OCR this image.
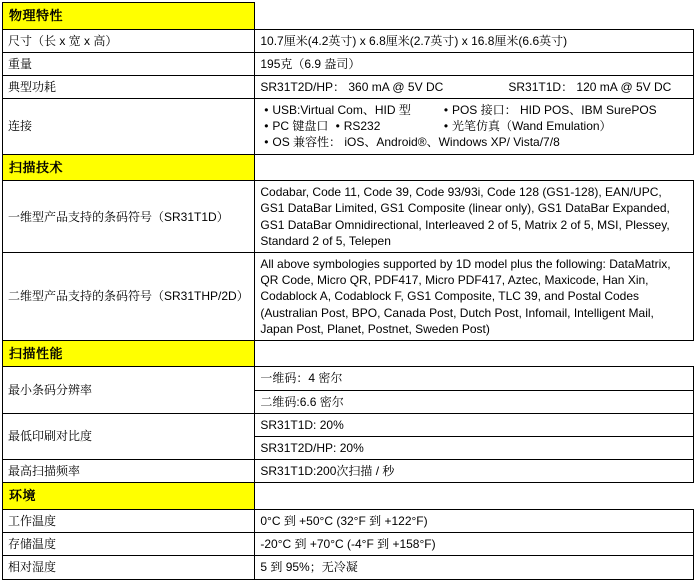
物理特性	
尺寸（长 x 宽 x 高）	10.7厘米(4.2英寸) x 6.8厘米(2.7英寸) x 16.8厘米(6.6英寸)
重量	195克（6.9 盎司）
典型功耗		SR31T2D/HP： 360 mA @ 5V DC	SR31T1D： 120 mA @ 5V DC

连接	
• USB:Virtual Com、HID 型	• POS 接口： HID POS、IBM SurePOS
• PC 键盘口 • RS232	• 光笔仿真（Wand Emulation）
• OS 兼容性： iOS、Android®、Windows XP/ Vista/7/8

扫描技术	
一维型产品支持的条码符号（SR31T1D）	Codabar, Code 11, Code 39, Code 93/93i, Code 128 (GS1-128), EAN/UPC, GS1 DataBar Limited, GS1 Composite (linear only), GS1 DataBar Expanded, GS1 DataBar Omnidirectional, Interleaved 2 of 5, Matrix 2 of 5, MSI, Plessey, Standard 2 of 5, Telepen
二维型产品支持的条码符号（SR31THP/2D）	All above symbologies supported by 1D model plus the following: DataMatrix, QR Code, Micro QR, PDF417, Micro PDF417, Aztec, Maxicode, Han Xin, Codablock A, Codablock F, GS1 Composite, TLC 39, and Postal Codes (Australian Post, BPO, Canada Post, Dutch Post, Infomail, Intelligent Mail, Japan Post, Planet, Postnet, Sweden Post)
扫描性能	
最小条码分辨率	
一维码：4 密尔
二维码:6.6 密尔

最低印刷对比度	
SR31T1D: 20%
SR31T2D/HP: 20%

最高扫描频率	SR31T1D:200次扫描 / 秒
环境	
工作温度	0°C 到 +50°C (32°F 到 +122°F)
存储温度	-20°C 到 +70°C (-4°F 到 +158°F)
相对湿度	5 到 95%；无冷凝
